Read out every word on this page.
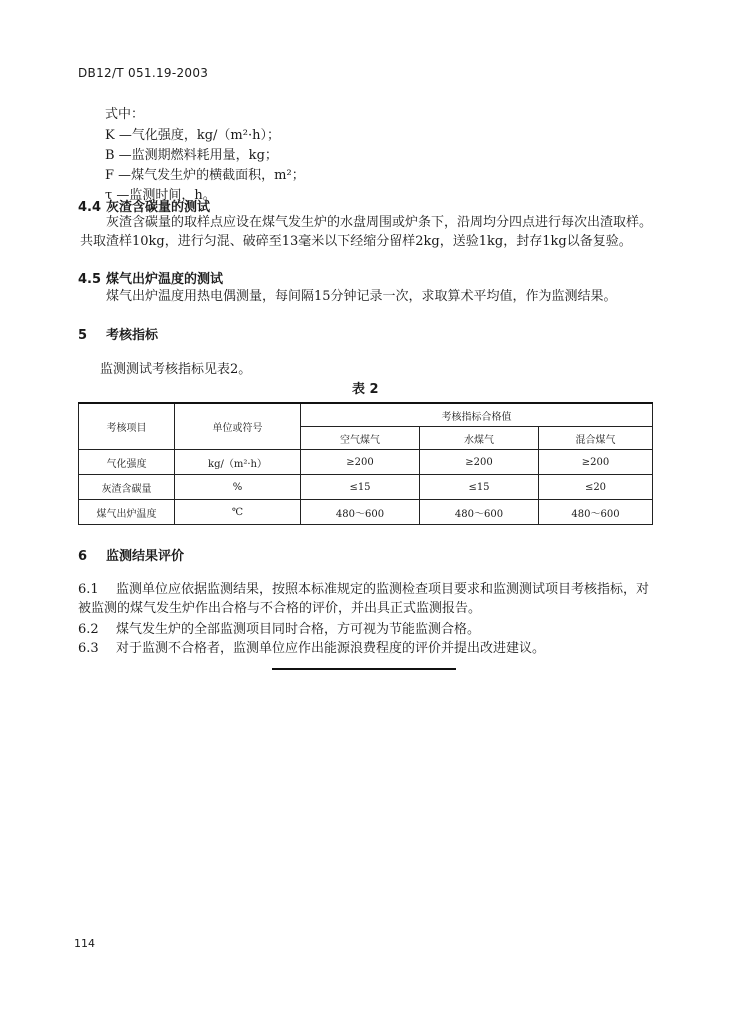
DB12/T 051.19-2003
式中：
K —气化强度，kg/（m²·h）；
B —监测期燃料耗用量，kg；
F —煤气发生炉的横截面积，m²；
τ —监测时间，h。
4.4 灰渣含碳量的测试
灰渣含碳量的取样点应设在煤气发生炉的水盘周围或炉条下，沿周均分四点进行每次出渣取样。共取渣样10kg，进行匀混、破碎至13毫米以下经缩分留样2kg，送验1kg，封存1kg以备复验。
4.5 煤气出炉温度的测试
煤气出炉温度用热电偶测量，每间隔15分钟记录一次，求取算术平均值，作为监测结果。
5 考核指标
监测测试考核指标见表2。
表 2
考核项目	单位或符号	考核指标合格值		
		空气煤气	水煤气	混合煤气
气化强度	kg/（m²·h）	≥200	≥200	≥200
灰渣含碳量	%	≤15	≤15	≤20
煤气出炉温度	℃	480～600	480～600	480～600
6 监测结果评价
6.1 监测单位应依据监测结果，按照本标准规定的监测检查项目要求和监测测试项目考核指标，对被监测的煤气发生炉作出合格与不合格的评价，并出具正式监测报告。
6.2 煤气发生炉的全部监测项目同时合格，方可视为节能监测合格。
6.3 对于监测不合格者，监测单位应作出能源浪费程度的评价并提出改进建议。
114
